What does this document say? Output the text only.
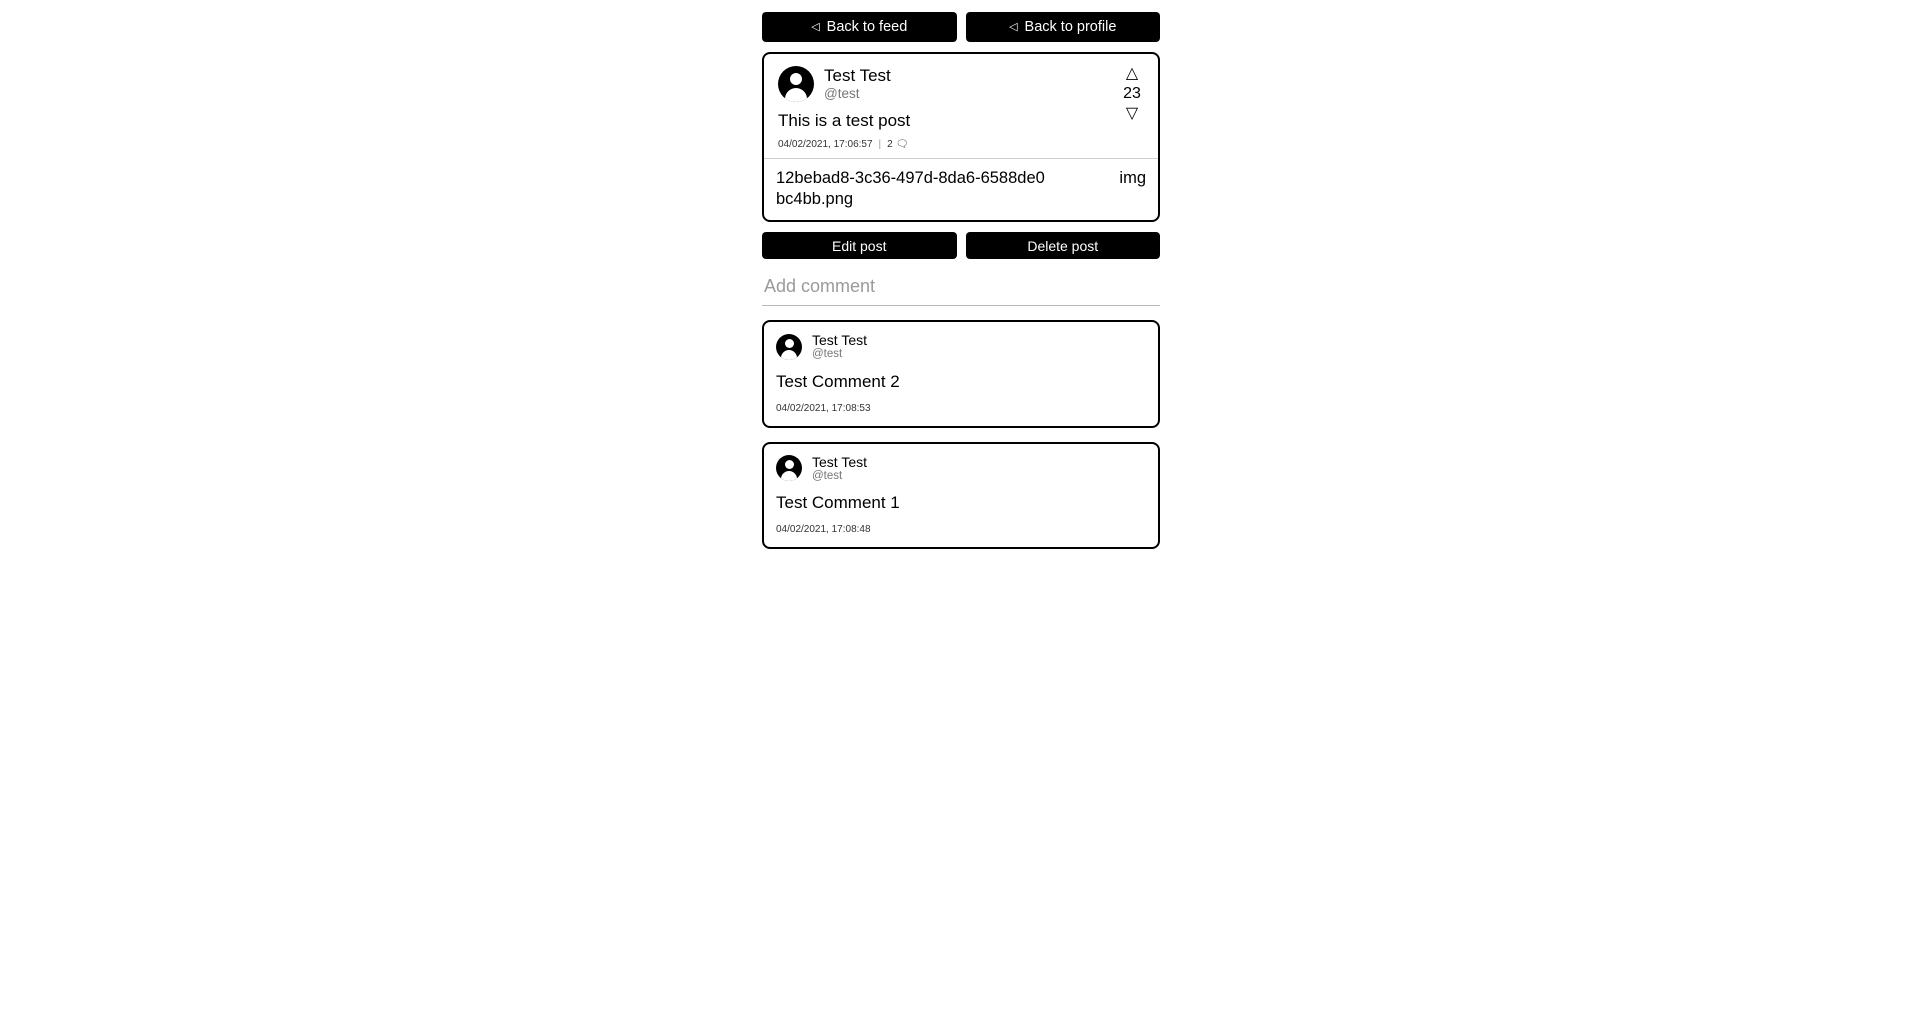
◁ Back to feed	◁ Back to profile
Test Test
@test
This is a test post
04/02/2021, 17:06:57 | 2 🗨
△
23
▽
12bebad8-3c36-497d-8da6-6588de0bc4bb.png
img
Edit post	Delete post
Add comment
Test Test
@test
Test Comment 2
04/02/2021, 17:08:53
Test Test
@test
Test Comment 1
04/02/2021, 17:08:48
